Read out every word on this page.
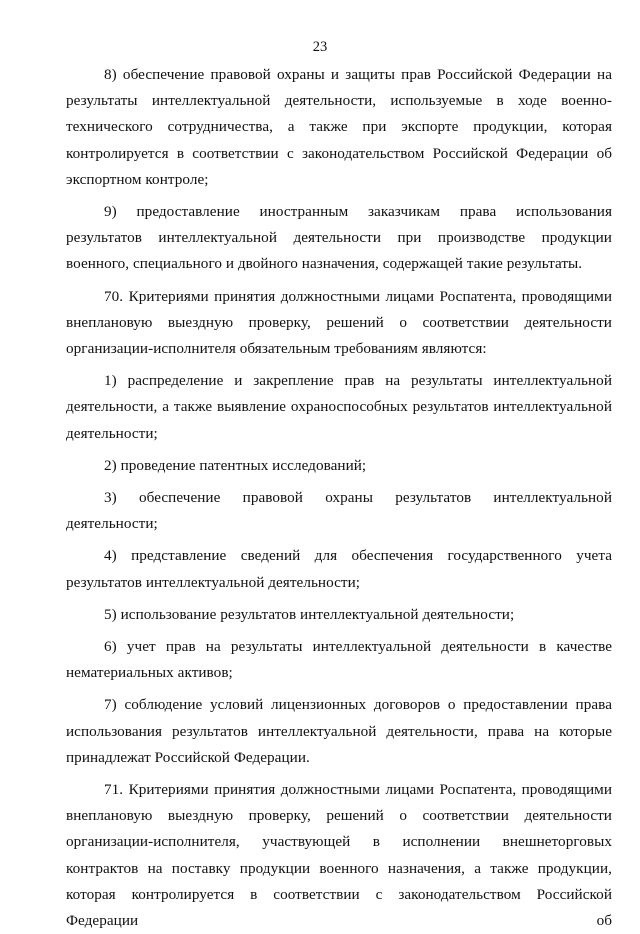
23

8) обеспечение правовой охраны и защиты прав Российской Федерации на результаты интеллектуальной деятельности, используемые в ходе военно-технического сотрудничества, а также при экспорте продукции, которая контролируется в соответствии с законодательством Российской Федерации об экспортном контроле;

9) предоставление иностранным заказчикам права использования результатов интеллектуальной деятельности при производстве продукции военного, специального и двойного назначения, содержащей такие результаты.

70. Критериями принятия должностными лицами Роспатента, проводящими внеплановую выездную проверку, решений о соответствии деятельности организации-исполнителя обязательным требованиям являются:

1) распределение и закрепление прав на результаты интеллектуальной деятельности, а также выявление охраноспособных результатов интеллектуальной деятельности;

2) проведение патентных исследований;

3) обеспечение правовой охраны результатов интеллектуальной деятельности;

4) представление сведений для обеспечения государственного учета результатов интеллектуальной деятельности;

5) использование результатов интеллектуальной деятельности;

6) учет прав на результаты интеллектуальной деятельности в качестве нематериальных активов;

7) соблюдение условий лицензионных договоров о предоставлении права использования результатов интеллектуальной деятельности, права на которые принадлежат Российской Федерации.

71. Критериями принятия должностными лицами Роспатента, проводящими внеплановую выездную проверку, решений о соответствии деятельности организации-исполнителя, участвующей в исполнении внешнеторговых контрактов на поставку продукции военного назначения, а также продукции, которая контролируется в соответствии с законодательством Российской Федерации об
